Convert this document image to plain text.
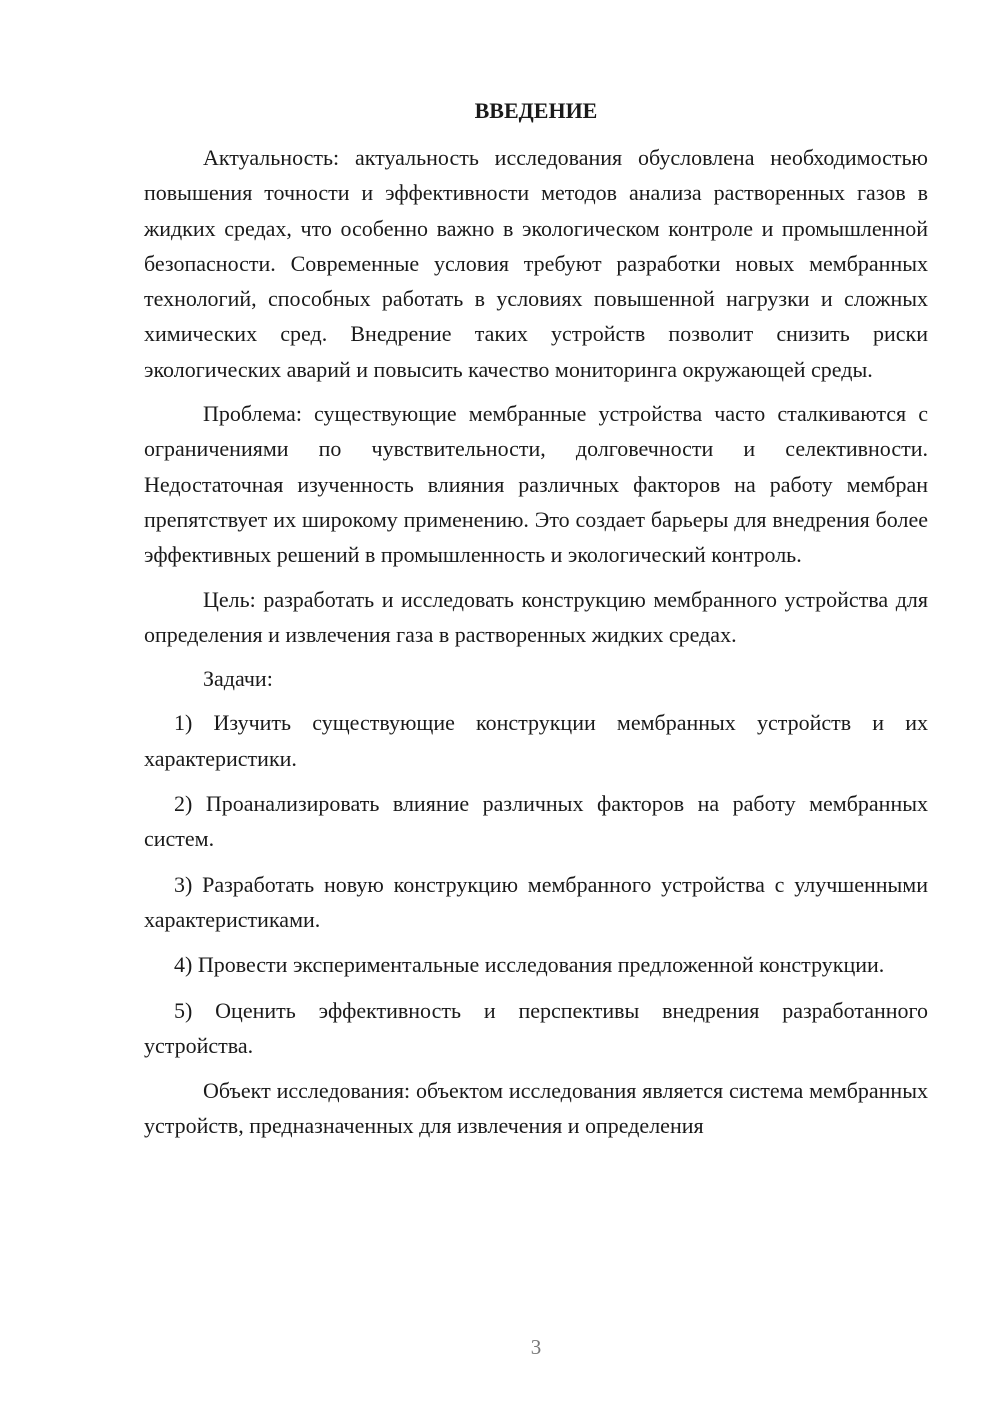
ВВЕДЕНИЕ

Актуальность: актуальность исследования обусловлена необходимостью повышения точности и эффективности методов анализа растворенных газов в жидких средах, что особенно важно в экологическом контроле и промышленной безопасности. Современные условия требуют разработки новых мембранных технологий, способных работать в условиях повышенной нагрузки и сложных химических сред. Внедрение таких устройств позволит снизить риски экологических аварий и повысить качество мониторинга окружающей среды.

Проблема: существующие мембранные устройства часто сталкиваются с ограничениями по чувствительности, долговечности и селективности. Недостаточная изученность влияния различных факторов на работу мембран препятствует их широкому применению. Это создает барьеры для внедрения более эффективных решений в промышленность и экологический контроль.

Цель: разработать и исследовать конструкцию мембранного устройства для определения и извлечения газа в растворенных жидких средах.

Задачи:

1) Изучить существующие конструкции мембранных устройств и их характеристики.

2) Проанализировать влияние различных факторов на работу мембранных систем.

3) Разработать новую конструкцию мембранного устройства с улучшенными характеристиками.

4) Провести экспериментальные исследования предложенной конструкции.

5) Оценить эффективность и перспективы внедрения разработанного устройства.

Объект исследования: объектом исследования является система мембранных устройств, предназначенных для извлечения и определения

3
